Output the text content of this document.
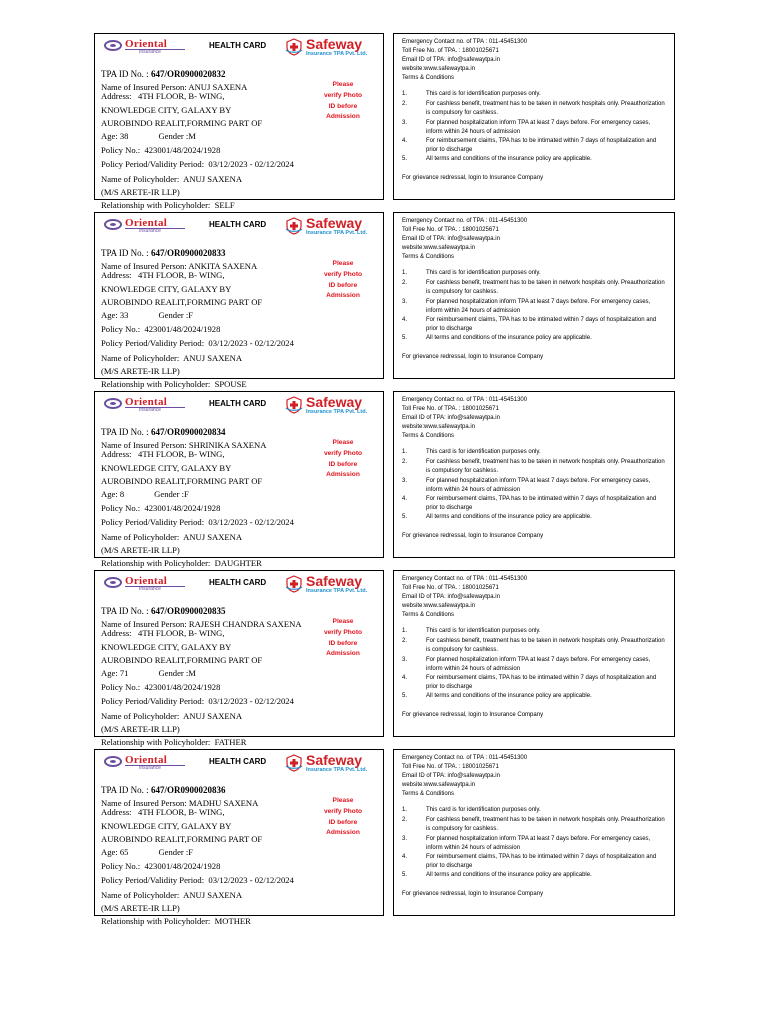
Oriental
Insurance
HEALTH CARD	Safeway
Insurance TPA Pvt. Ltd.
TPA ID No. : 647/OR0900020832
Name of Insured Person: ANUJ SAXENA
Address: 4TH FLOOR, B- WING,
KNOWLEDGE CITY, GALAXY BY
AUROBINDO REALIT,FORMING PART OF
Age: 38	Gender :M
Policy No.: 423001/48/2024/1928
Policy Period/Validity Period: 03/12/2023 - 02/12/2024
Name of Policyholder: ANUJ SAXENA
(M/S ARETE-IR LLP)
Relationship with Policyholder: SELF
Please
verify Photo
ID before
Admission
Emergency Contact no. of TPA : 011-45451300
Toll Free No. of TPA. : 18001025671
Email ID of TPA: info@safewaytpa.in
website:www.safewaytpa.in
Terms & Conditions
1.	This card is for identification purposes only.
2.	For cashless benefit, treatment has to be taken in network hospitals only. Preauthorization is compulsory for cashless.
3.	For planned hospitalization inform TPA at least 7 days before. For emergency cases, inform within 24 hours of admission
4.	For reimbursement claims, TPA has to be intimated within 7 days of hospitalization and prior to discharge
5.	All terms and conditions of the insurance policy are applicable.
For grievance redressal, login to Insurance Company
Oriental
Insurance
HEALTH CARD	Safeway
Insurance TPA Pvt. Ltd.
TPA ID No. : 647/OR0900020833
Name of Insured Person: ANKITA SAXENA
Address: 4TH FLOOR, B- WING,
KNOWLEDGE CITY, GALAXY BY
AUROBINDO REALIT,FORMING PART OF
Age: 33	Gender :F
Policy No.: 423001/48/2024/1928
Policy Period/Validity Period: 03/12/2023 - 02/12/2024
Name of Policyholder: ANUJ SAXENA
(M/S ARETE-IR LLP)
Relationship with Policyholder: SPOUSE
Please
verify Photo
ID before
Admission
Emergency Contact no. of TPA : 011-45451300
Toll Free No. of TPA. : 18001025671
Email ID of TPA: info@safewaytpa.in
website:www.safewaytpa.in
Terms & Conditions
1.	This card is for identification purposes only.
2.	For cashless benefit, treatment has to be taken in network hospitals only. Preauthorization is compulsory for cashless.
3.	For planned hospitalization inform TPA at least 7 days before. For emergency cases, inform within 24 hours of admission
4.	For reimbursement claims, TPA has to be intimated within 7 days of hospitalization and prior to discharge
5.	All terms and conditions of the insurance policy are applicable.
For grievance redressal, login to Insurance Company
Oriental
Insurance
HEALTH CARD	Safeway
Insurance TPA Pvt. Ltd.
TPA ID No. : 647/OR0900020834
Name of Insured Person: SHRINIKA SAXENA
Address: 4TH FLOOR, B- WING,
KNOWLEDGE CITY, GALAXY BY
AUROBINDO REALIT,FORMING PART OF
Age: 8	Gender :F
Policy No.: 423001/48/2024/1928
Policy Period/Validity Period: 03/12/2023 - 02/12/2024
Name of Policyholder: ANUJ SAXENA
(M/S ARETE-IR LLP)
Relationship with Policyholder: DAUGHTER
Please
verify Photo
ID before
Admission
Emergency Contact no. of TPA : 011-45451300
Toll Free No. of TPA. : 18001025671
Email ID of TPA: info@safewaytpa.in
website:www.safewaytpa.in
Terms & Conditions
1.	This card is for identification purposes only.
2.	For cashless benefit, treatment has to be taken in network hospitals only. Preauthorization is compulsory for cashless.
3.	For planned hospitalization inform TPA at least 7 days before. For emergency cases, inform within 24 hours of admission
4.	For reimbursement claims, TPA has to be intimated within 7 days of hospitalization and prior to discharge
5.	All terms and conditions of the insurance policy are applicable.
For grievance redressal, login to Insurance Company
Oriental
Insurance
HEALTH CARD	Safeway
Insurance TPA Pvt. Ltd.
TPA ID No. : 647/OR0900020835
Name of Insured Person: RAJESH CHANDRA SAXENA
Address: 4TH FLOOR, B- WING,
KNOWLEDGE CITY, GALAXY BY
AUROBINDO REALIT,FORMING PART OF
Age: 71	Gender :M
Policy No.: 423001/48/2024/1928
Policy Period/Validity Period: 03/12/2023 - 02/12/2024
Name of Policyholder: ANUJ SAXENA
(M/S ARETE-IR LLP)
Relationship with Policyholder: FATHER
Please
verify Photo
ID before
Admission
Emergency Contact no. of TPA : 011-45451300
Toll Free No. of TPA. : 18001025671
Email ID of TPA: info@safewaytpa.in
website:www.safewaytpa.in
Terms & Conditions
1.	This card is for identification purposes only.
2.	For cashless benefit, treatment has to be taken in network hospitals only. Preauthorization is compulsory for cashless.
3.	For planned hospitalization inform TPA at least 7 days before. For emergency cases, inform within 24 hours of admission
4.	For reimbursement claims, TPA has to be intimated within 7 days of hospitalization and prior to discharge
5.	All terms and conditions of the insurance policy are applicable.
For grievance redressal, login to Insurance Company
Oriental
Insurance
HEALTH CARD	Safeway
Insurance TPA Pvt. Ltd.
TPA ID No. : 647/OR0900020836
Name of Insured Person: MADHU SAXENA
Address: 4TH FLOOR, B- WING,
KNOWLEDGE CITY, GALAXY BY
AUROBINDO REALIT,FORMING PART OF
Age: 65	Gender :F
Policy No.: 423001/48/2024/1928
Policy Period/Validity Period: 03/12/2023 - 02/12/2024
Name of Policyholder: ANUJ SAXENA
(M/S ARETE-IR LLP)
Relationship with Policyholder: MOTHER
Please
verify Photo
ID before
Admission
Emergency Contact no. of TPA : 011-45451300
Toll Free No. of TPA. : 18001025671
Email ID of TPA: info@safewaytpa.in
website:www.safewaytpa.in
Terms & Conditions
1.	This card is for identification purposes only.
2.	For cashless benefit, treatment has to be taken in network hospitals only. Preauthorization is compulsory for cashless.
3.	For planned hospitalization inform TPA at least 7 days before. For emergency cases, inform within 24 hours of admission
4.	For reimbursement claims, TPA has to be intimated within 7 days of hospitalization and prior to discharge
5.	All terms and conditions of the insurance policy are applicable.
For grievance redressal, login to Insurance Company
